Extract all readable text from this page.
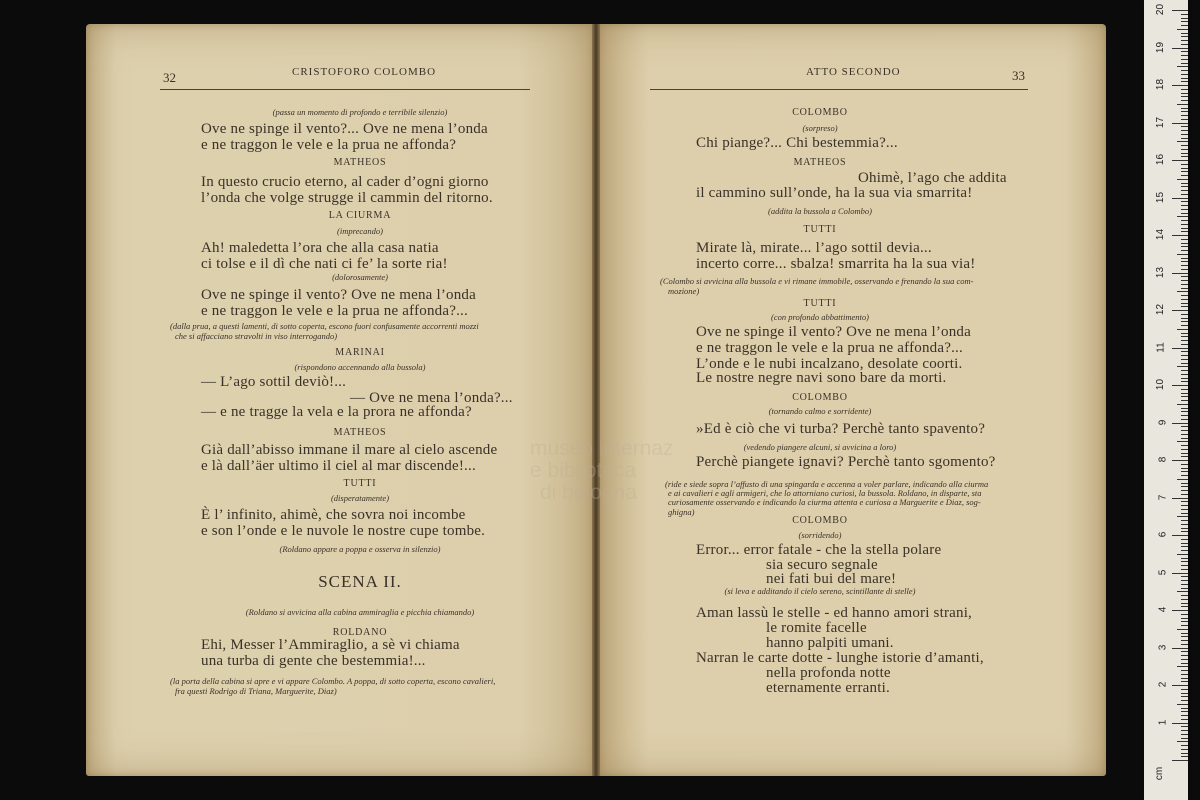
32	CRISTOFORO COLOMBO	ATTO SECONDO	33
(passa un momento di profondo e terribile silenzio)
Ove ne spinge il vento?... Ove ne mena l’onda
e ne traggon le vele e la prua ne affonda?
MATHEOS
In questo crucio eterno, al cader d’ogni giorno
l’onda che volge strugge il cammin del ritorno.
LA CIURMA
(imprecando)
Ah! maledetta l’ora che alla casa natia
ci tolse e il dì che nati ci fe’ la sorte ria!
(dolorosamente)
Ove ne spinge il vento? Ove ne mena l’onda
e ne traggon le vele e la prua ne affonda?...
(dalla prua, a questi lamenti, di sotto coperta, escono fuori confusamente accorrenti mozzi
che si affacciano stravolti in viso interrogando)
MARINAI
(rispondono accennando alla bussola)
— L’ago sottil deviò!...
— Ove ne mena l’onda?...
— e ne tragge la vela e la prora ne affonda?
MATHEOS
Già dall’abisso immane il mare al cielo ascende
e là dall’äer ultimo il ciel al mar discende!...
TUTTI
(disperatamente)
È l’ infinito, ahimè, che sovra noi incombe
e son l’onde e le nuvole le nostre cupe tombe.
(Roldano appare a poppa e osserva in silenzio)
SCENA II.
(Roldano si avvicina alla cabina ammiraglia e picchia chiamando)
ROLDANO
Ehi, Messer l’Ammiraglio, a sè vi chiama
una turba di gente che bestemmia!...
(la porta della cabina si apre e vi appare Colombo. A poppa, di sotto coperta, escono cavalieri,
fra questi Rodrigo di Triana, Marguerite, Diaz)
COLOMBO
(sorpreso)
Chi piange?... Chi bestemmia?...
MATHEOS
Ohimè, l’ago che addita
il cammino sull’onde, ha la sua via smarrita!
(addita la bussola a Colombo)
TUTTI
Mirate là, mirate... l’ago sottil devia...
incerto corre... sbalza! smarrita ha la sua via!
(Colombo si avvicina alla bussola e vi rimane immobile, osservando e frenando la sua com-
mozione)
TUTTI
(con profondo abbattimento)
Ove ne spinge il vento? Ove ne mena l’onda
e ne traggon le vele e la prua ne affonda?...
L’onde e le nubi incalzano, desolate coorti.
Le nostre negre navi sono bare da morti.
COLOMBO
(tornando calmo e sorridente)
»Ed è ciò che vi turba? Perchè tanto spavento?
(vedendo piangere alcuni, si avvicina a loro)
Perchè piangete ignavi? Perchè tanto sgomento?
(ride e siede sopra l’affusto di una spingarda e accenna a voler parlare, indicando alla ciurma
e ai cavalieri e agli armigeri, che lo attorniano curiosi, la bussola. Roldano, in disparte, sta
curiosamente osservando e indicando la ciurma attenta e curiosa a Marguerite e Diaz, sog-
ghigna)
COLOMBO
(sorridendo)
Error... error fatale - che la stella polare
sia securo segnale
nei fati bui del mare!
(si leva e additando il cielo sereno, scintillante di stelle)
Aman lassù le stelle - ed hanno amori strani,
le romite facelle
hanno palpiti umani.
Narran le carte dotte - lunghe istorie d’amanti,
nella profonda notte
eternamente erranti.
museo internaz
e biblioteca
di bologna
1
2
3
4
5
6
7
8
9
10
11
12
13
14
15
16
17
18
19
20
cm
